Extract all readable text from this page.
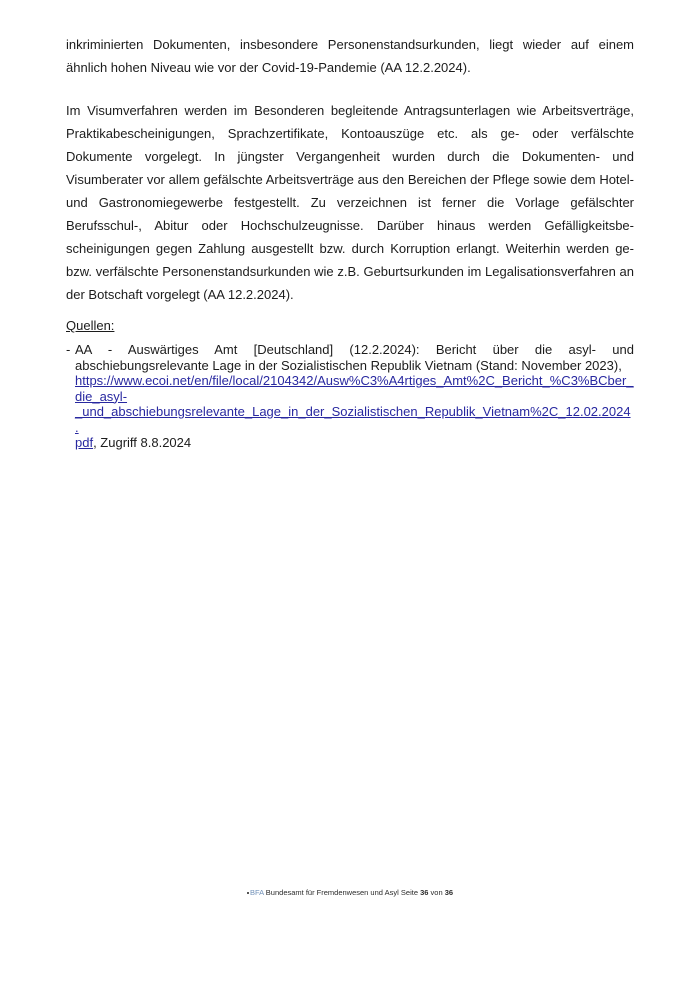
inkriminierten Dokumenten, insbesondere Personenstandsurkunden, liegt wieder auf einem ähnlich hohen Niveau wie vor der Covid-19-Pandemie (AA 12.2.2024).

Im Visumverfahren werden im Besonderen begleitende Antragsunterlagen wie Arbeitsverträge, Praktikabescheinigungen, Sprachzertifikate, Kontoauszüge etc. als ge- oder verfälschte Dokumente vorgelegt. In jüngster Vergangenheit wurden durch die Dokumenten- und Visumberater vor allem gefälschte Arbeitsverträge aus den Bereichen der Pflege sowie dem Hotel- und Gastronomiegewerbe festgestellt. Zu verzeichnen ist ferner die Vorlage gefälschter Berufsschul-, Abitur oder Hochschulzeugnisse. Darüber hinaus werden Gefälligkeitsbe-scheinigungen gegen Zahlung ausgestellt bzw. durch Korruption erlangt. Weiterhin werden ge- bzw. verfälschte Personenstandsurkunden wie z.B. Geburtsurkunden im Legalisationsverfahren an der Botschaft vorgelegt (AA 12.2.2024).

Quellen:
- AA - Auswärtiges Amt [Deutschland] (12.2.2024): Bericht über die asyl- und abschiebungsrelevante Lage in der Sozialistischen Republik Vietnam (Stand: November 2023),
https://www.ecoi.net/en/file/local/2104342/Ausw%C3%A4rtiges_Amt%2C_Bericht_%C3%BCber_
die_asyl-
_und_abschiebungsrelevante_Lage_in_der_Sozialistischen_Republik_Vietnam%2C_12.02.2024.
pdf, Zugriff 8.8.2024
BFA Bundesamt für Fremdenwesen und Asyl Seite 36 von 36
